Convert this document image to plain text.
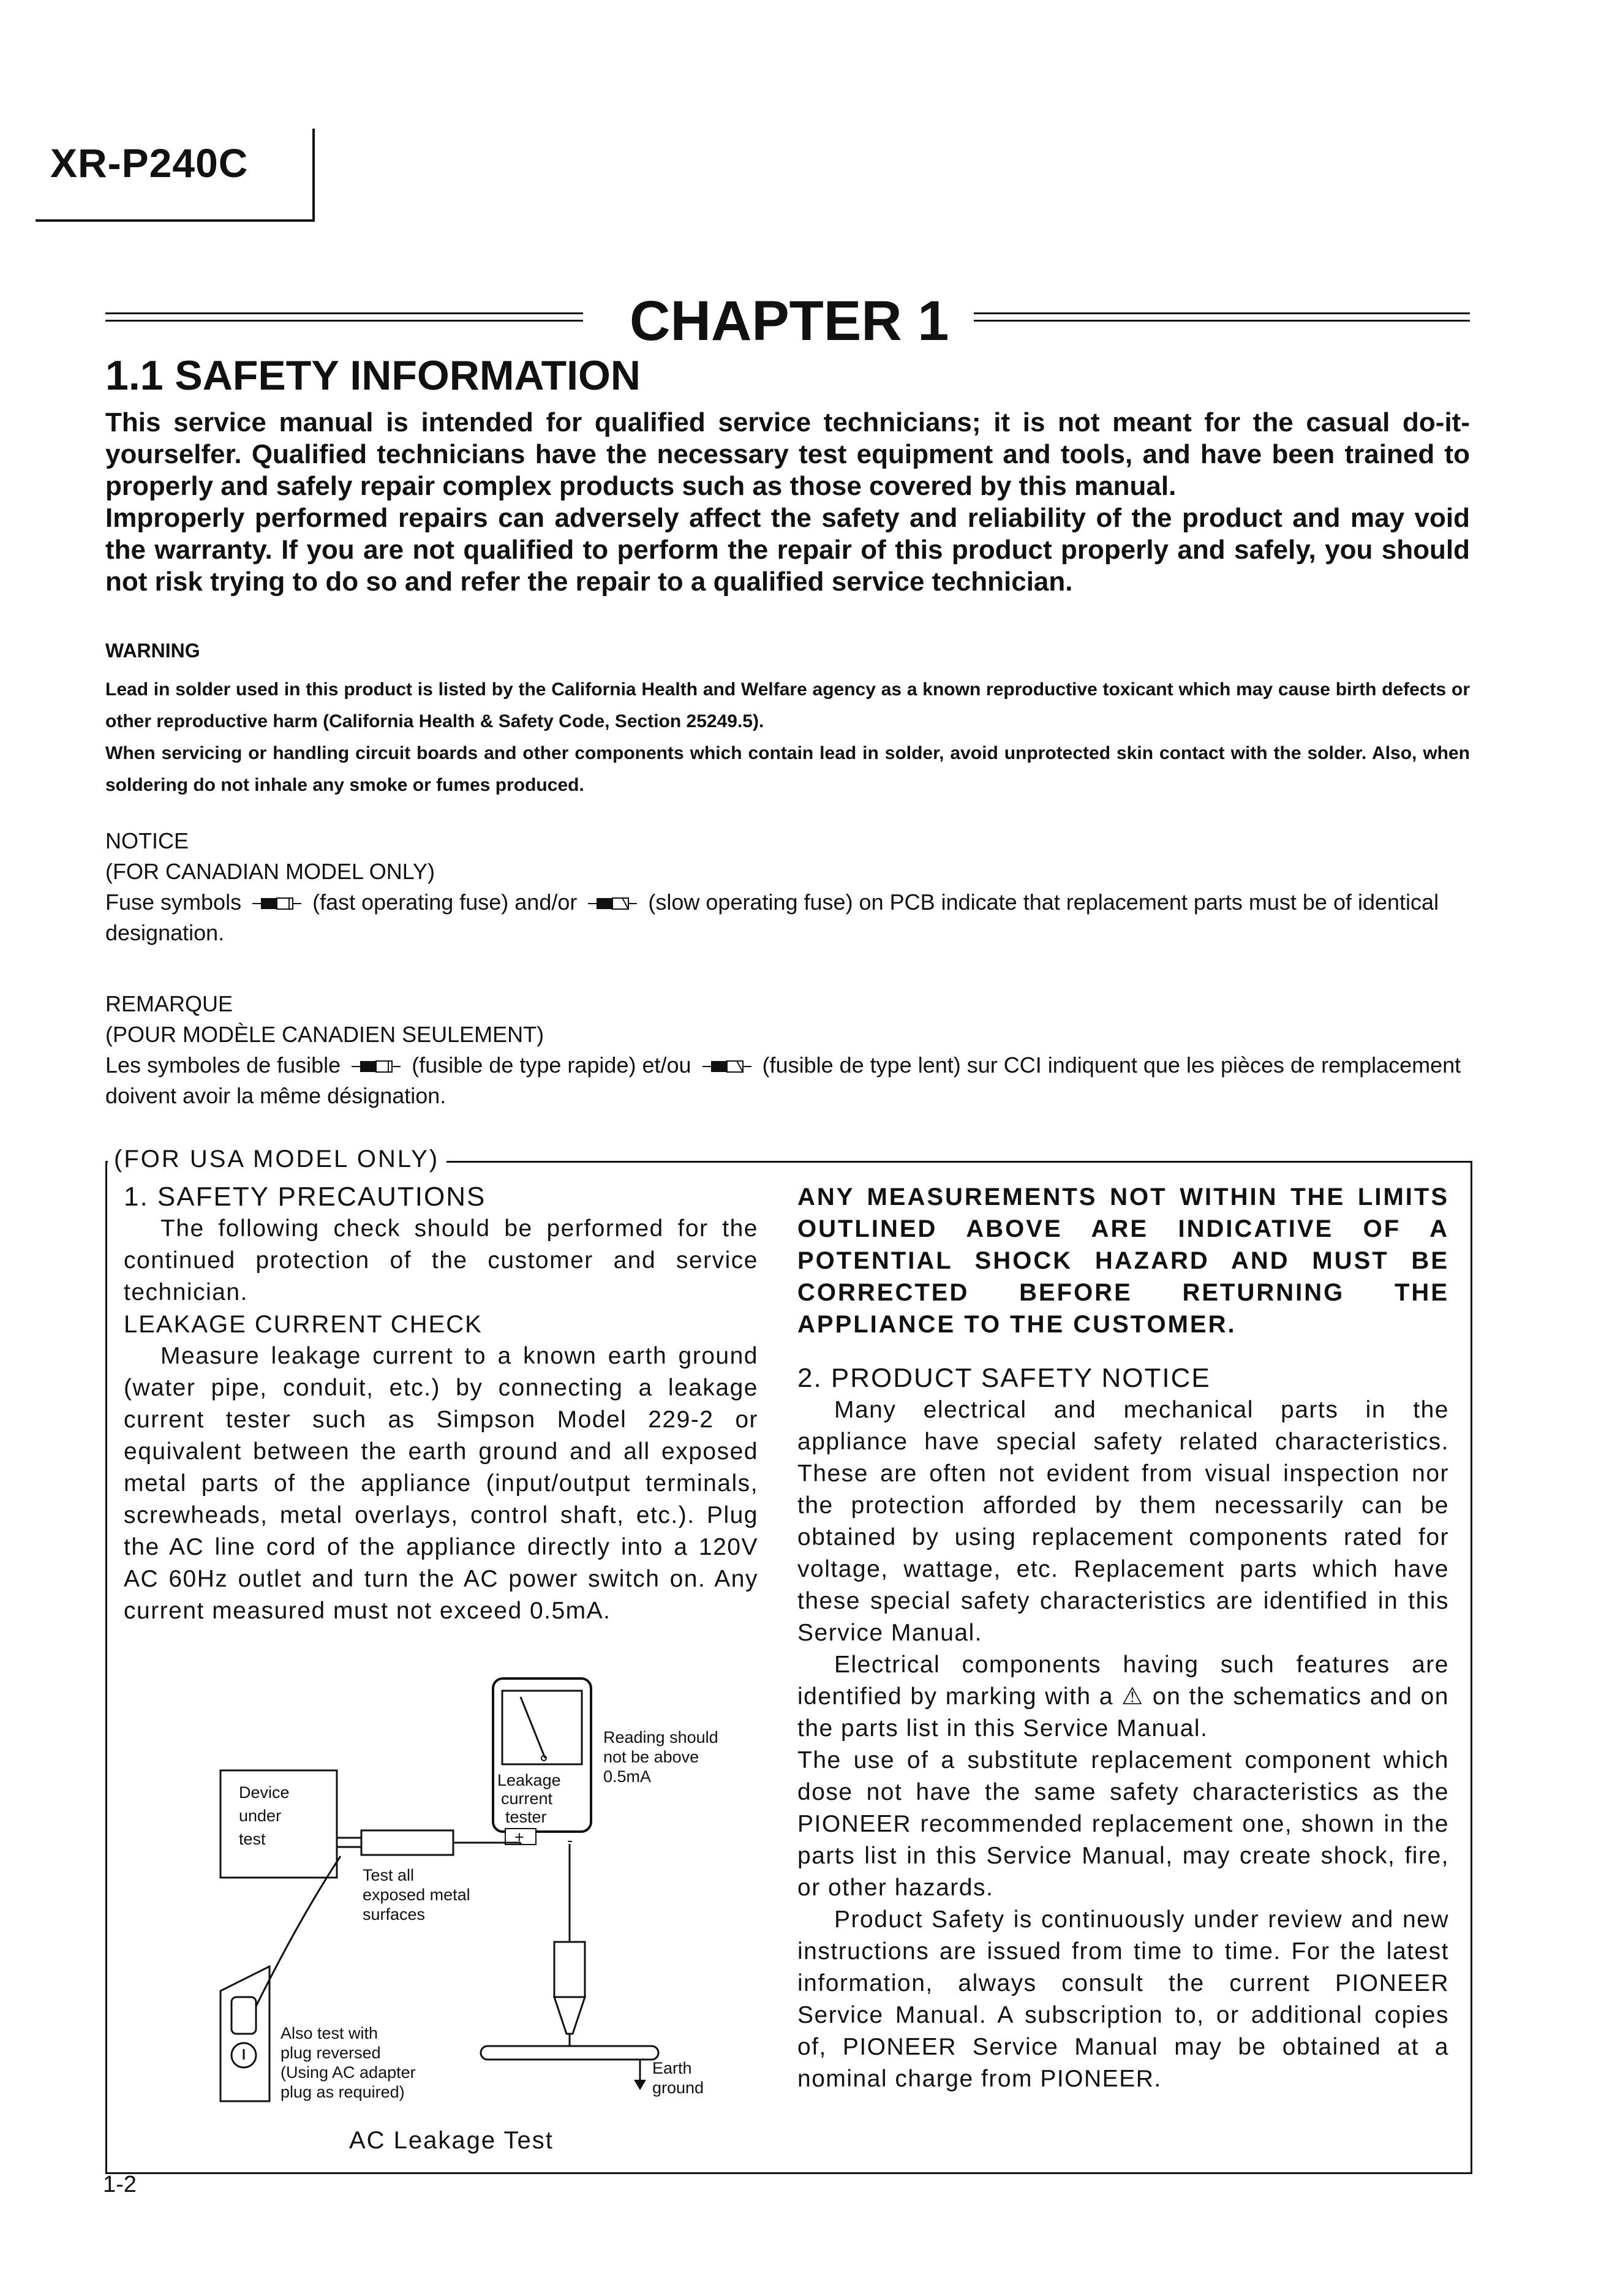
XR-P240C
CHAPTER 1
1.1 SAFETY INFORMATION

This service manual is intended for qualified service technicians; it is not meant for the casual do-it-yourselfer. Qualified technicians have the necessary test equipment and tools, and have been trained to properly and safely repair complex products such as those covered by this manual.

Improperly performed repairs can adversely affect the safety and reliability of the product and may void the warranty. If you are not qualified to perform the repair of this product properly and safely, you should not risk trying to do so and refer the repair to a qualified service technician.

WARNING

Lead in solder used in this product is listed by the California Health and Welfare agency as a known reproductive toxicant which may cause birth defects or other reproductive harm (California Health & Safety Code, Section 25249.5).

When servicing or handling circuit boards and other components which contain lead in solder, avoid unprotected skin contact with the solder. Also, when soldering do not inhale any smoke or fumes produced.

NOTICE

(FOR CANADIAN MODEL ONLY)

Fuse symbols	(fast operating fuse) and/or	(slow operating fuse) on PCB indicate that replacement parts must be of identical designation.

REMARQUE

(POUR MODÈLE CANADIEN SEULEMENT)

Les symboles de fusible	(fusible de type rapide) et/ou	(fusible de type lent) sur CCI indiquent que les pièces de remplacement doivent avoir la même désignation.

(FOR USA MODEL ONLY)

1. SAFETY PRECAUTIONS

The following check should be performed for the continued protection of the customer and service technician.

LEAKAGE CURRENT CHECK

Measure leakage current to a known earth ground (water pipe, conduit, etc.) by connecting a leakage current tester such as Simpson Model 229-2 or equivalent between the earth ground and all exposed metal parts of the appliance (input/output terminals, screwheads, metal overlays, control shaft, etc.). Plug the AC line cord of the appliance directly into a 120V AC 60Hz outlet and turn the AC power switch on. Any current measured must not exceed 0.5mA.

ANY MEASUREMENTS NOT WITHIN THE LIMITS OUTLINED ABOVE ARE INDICATIVE OF A POTENTIAL SHOCK HAZARD AND MUST BE CORRECTED BEFORE RETURNING THE APPLIANCE TO THE CUSTOMER.

2. PRODUCT SAFETY NOTICE

Many electrical and mechanical parts in the appliance have special safety related characteristics. These are often not evident from visual inspection nor the protection afforded by them necessarily can be obtained by using replacement components rated for voltage, wattage, etc. Replacement parts which have these special safety characteristics are identified in this Service Manual.

Electrical components having such features are identified by marking with a ⚠ on the schematics and on the parts list in this Service Manual.

The use of a substitute replacement component which dose not have the same safety characteristics as the PIONEER recommended replacement one, shown in the parts list in this Service Manual, may create shock, fire, or other hazards.

Product Safety is continuously under review and new instructions are issued from time to time. For the latest information, always consult the current PIONEER Service Manual. A subscription to, or additional copies of, PIONEER Service Manual may be obtained at a nominal charge from PIONEER.

Leakage
current
tester
+	-
Reading should
not be above
0.5mA
Device
under
test
Test all
exposed metal
surfaces
Earth
ground
Also test with
plug reversed
(Using AC adapter
plug as required)
AC Leakage Test
1-2
